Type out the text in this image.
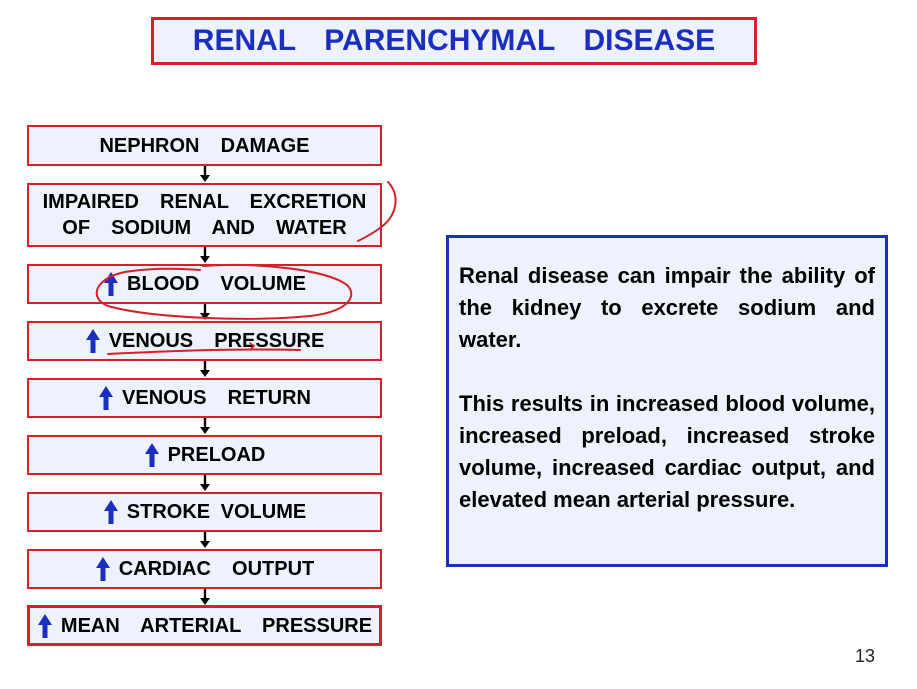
RENAL  PARENCHYMAL  DISEASE
NEPHRON  DAMAGE
IMPAIRED  RENAL  EXCRETION
OF  SODIUM  AND  WATER
BLOOD  VOLUME
VENOUS  PRESSURE
VENOUS  RETURN
PRELOAD
STROKE VOLUME
CARDIAC  OUTPUT
MEAN  ARTERIAL  PRESSURE

Renal disease can impair the ability of the kidney to excrete sodium and water.

This results in increased blood volume, increased preload, increased stroke volume, increased cardiac output, and elevated mean arterial pressure.

13
